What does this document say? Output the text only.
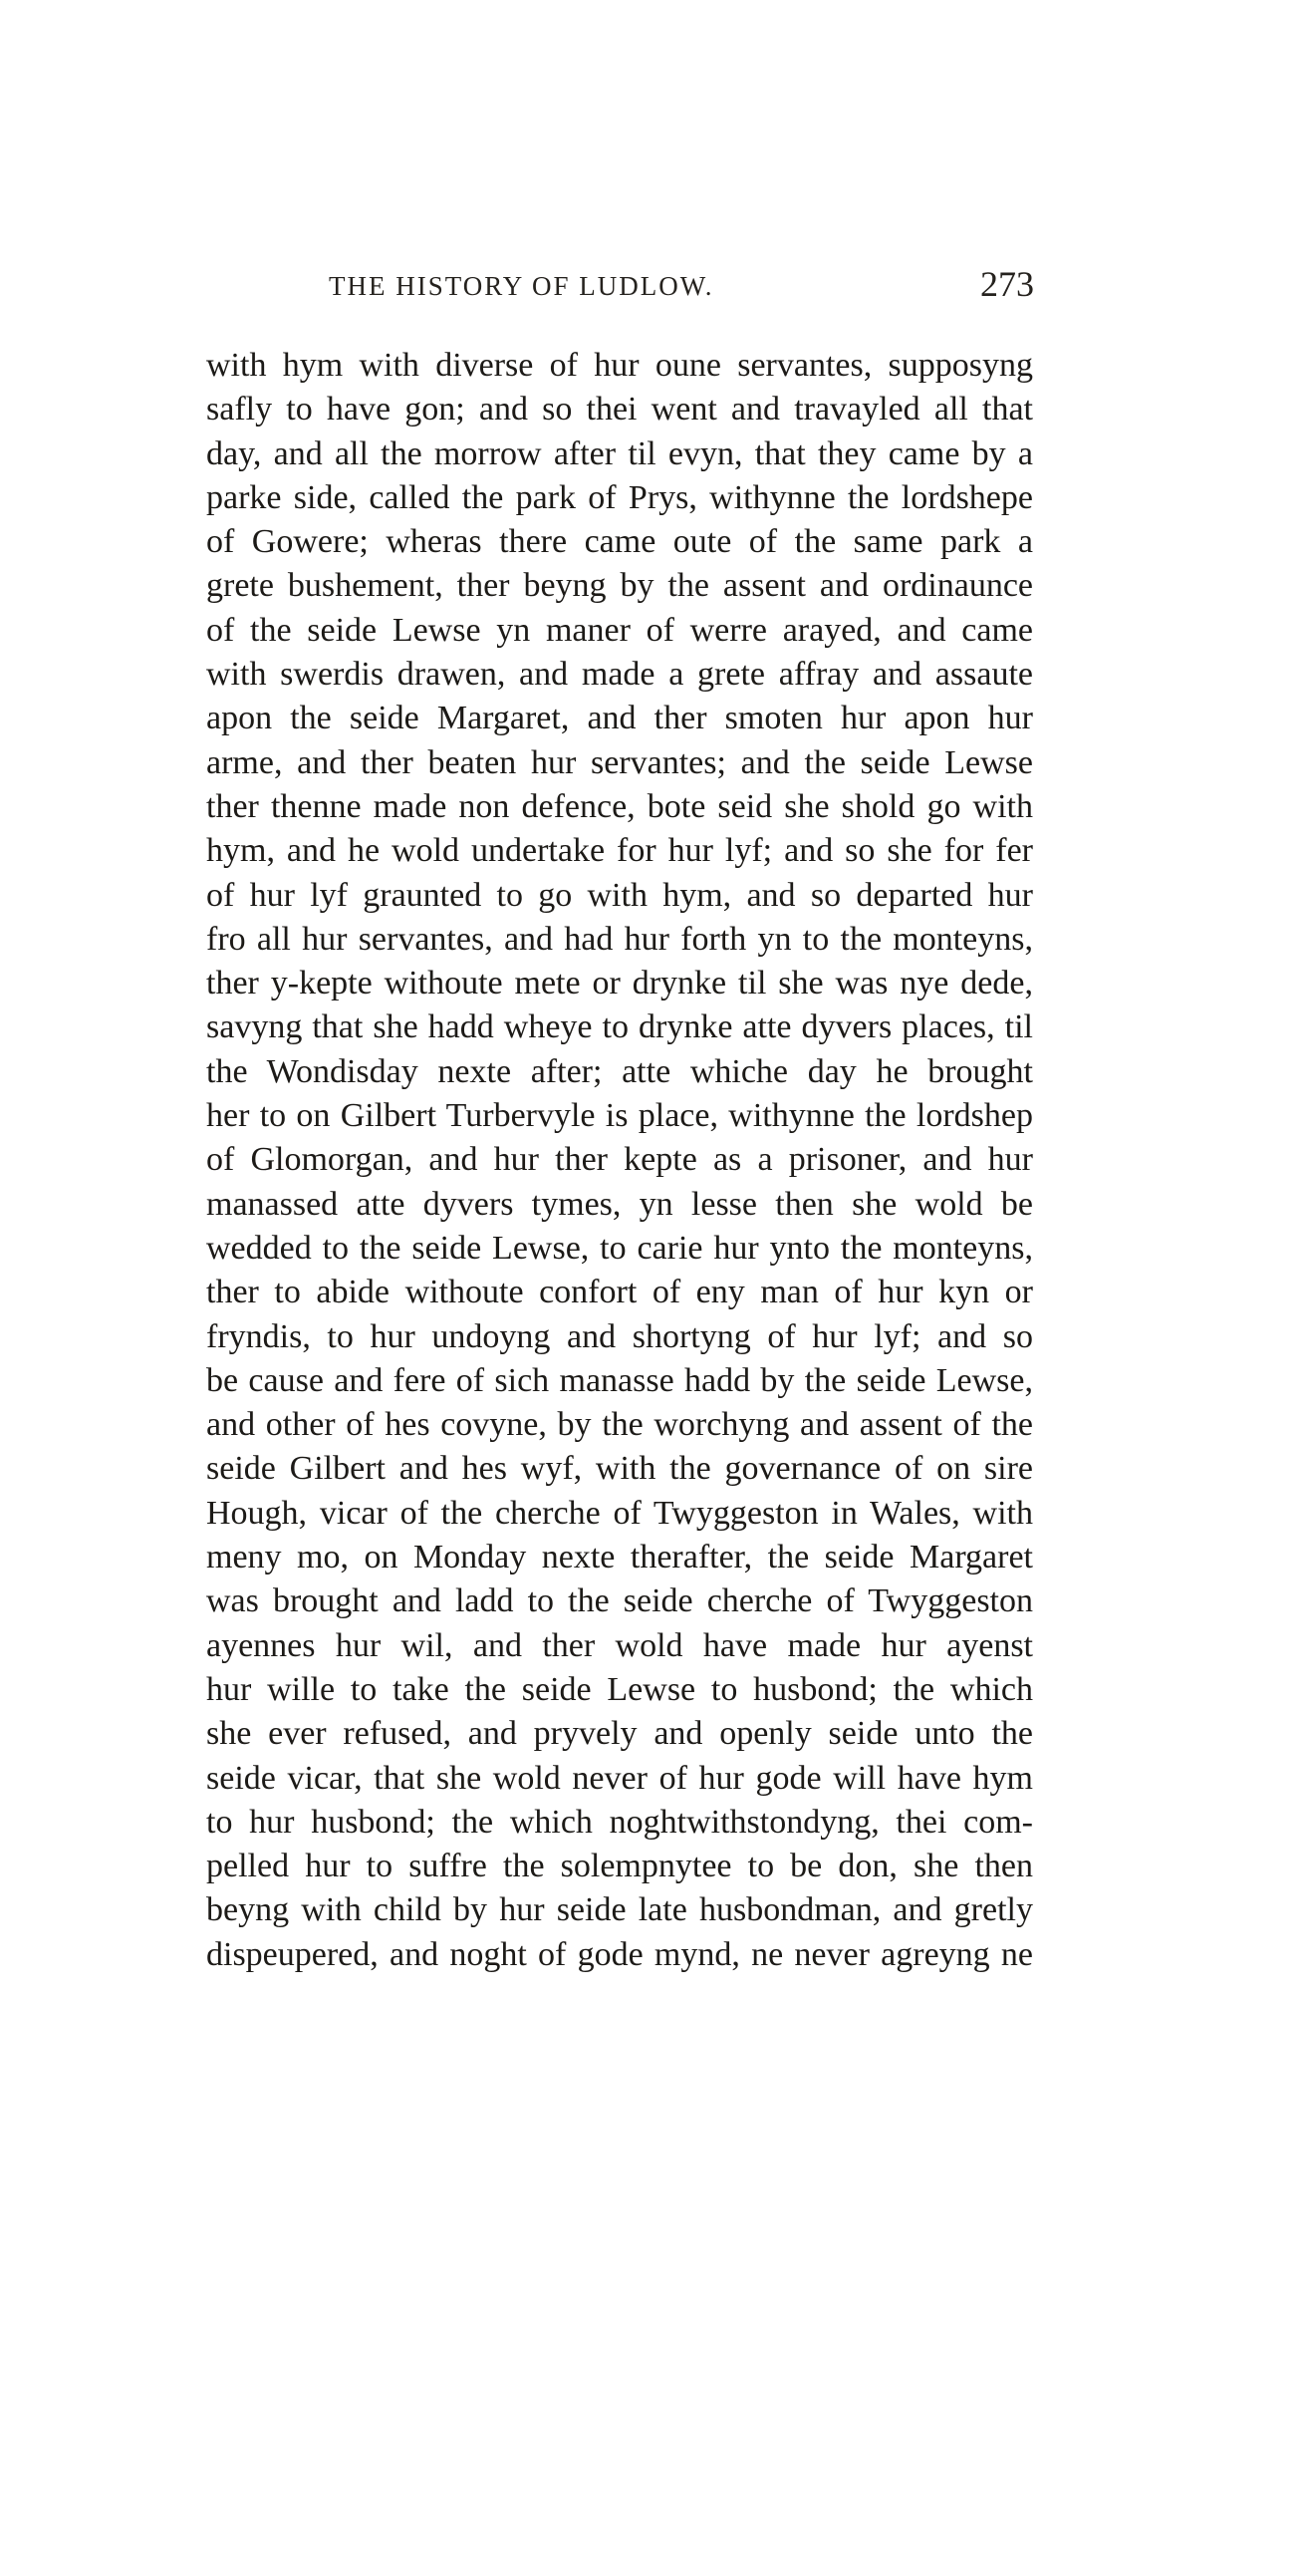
THE HISTORY OF LUDLOW.	273
with hym with diverse of hur oune servantes, supposyng
safly to have gon; and so thei went and travayled all that
day, and all the morrow after til evyn, that they came by a
parke side, called the park of Prys, withynne the lordshepe
of Gowere; wheras there came oute of the same park a
grete bushement, ther beyng by the assent and ordinaunce
of the seide Lewse yn maner of werre arayed, and came
with swerdis drawen, and made a grete affray and assaute
apon the seide Margaret, and ther smoten hur apon hur
arme, and ther beaten hur servantes; and the seide Lewse
ther thenne made non defence, bote seid she shold go with
hym, and he wold undertake for hur lyf; and so she for fer
of hur lyf graunted to go with hym, and so departed hur
fro all hur servantes, and had hur forth yn to the monteyns,
ther y-kepte withoute mete or drynke til she was nye dede,
savyng that she hadd wheye to drynke atte dyvers places, til
the Wondisday nexte after; atte whiche day he brought
her to on Gilbert Turbervyle is place, withynne the lordshep
of Glomorgan, and hur ther kepte as a prisoner, and hur
manassed atte dyvers tymes, yn lesse then she wold be
wedded to the seide Lewse, to carie hur ynto the monteyns,
ther to abide withoute confort of eny man of hur kyn or
fryndis, to hur undoyng and shortyng of hur lyf; and so
be cause and fere of sich manasse hadd by the seide Lewse,
and other of hes covyne, by the worchyng and assent of the
seide Gilbert and hes wyf, with the governance of on sire
Hough, vicar of the cherche of Twyggeston in Wales, with
meny mo, on Monday nexte therafter, the seide Margaret
was brought and ladd to the seide cherche of Twyggeston
ayennes hur wil, and ther wold have made hur ayenst
hur wille to take the seide Lewse to husbond; the which
she ever refused, and pryvely and openly seide unto the
seide vicar, that she wold never of hur gode will have hym
to hur husbond; the which noghtwithstondyng, thei com-
pelled hur to suffre the solempnytee to be don, she then
beyng with child by hur seide late husbondman, and gretly
dispeupered, and noght of gode mynd, ne never agreyng ne
